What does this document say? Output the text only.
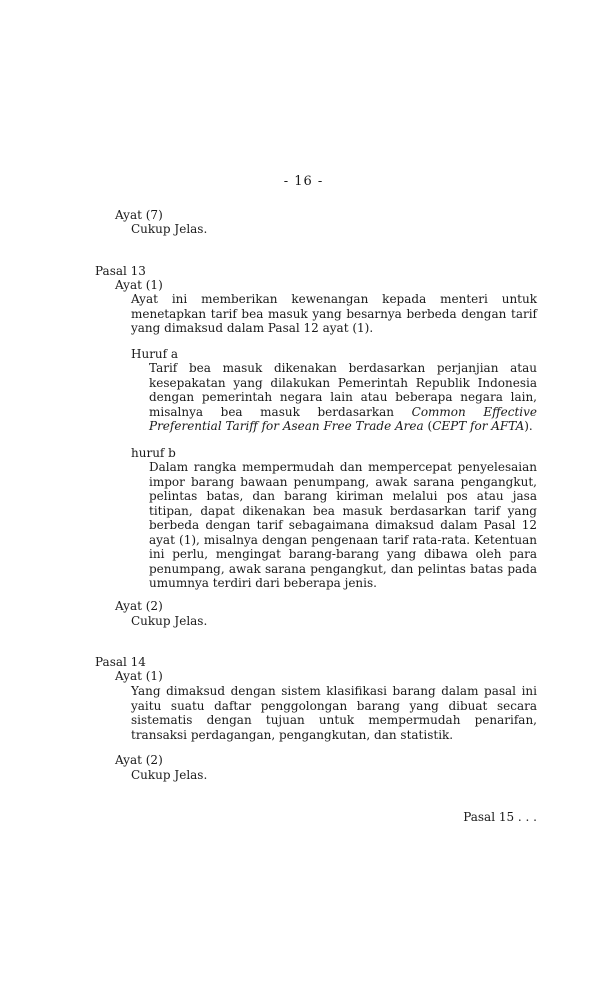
- 16 -
Ayat (7)
Cukup Jelas.
Pasal 13
Ayat (1)
Ayat ini memberikan kewenangan kepada menteri untuk menetapkan tarif bea masuk yang besarnya berbeda dengan tarif yang dimaksud dalam Pasal 12 ayat (1).
Huruf a
Tarif bea masuk dikenakan berdasarkan perjanjian atau kesepakatan yang dilakukan Pemerintah Republik Indonesia dengan pemerintah negara lain atau beberapa negara lain, misalnya bea masuk berdasarkan Common Effective Preferential Tariff for Asean Free Trade Area (CEPT for AFTA).
huruf b
Dalam rangka mempermudah dan mempercepat penyelesaian impor barang bawaan penumpang, awak sarana pengangkut, pelintas batas, dan barang kiriman melalui pos atau jasa titipan, dapat dikenakan bea masuk berdasarkan tarif yang berbeda dengan tarif sebagaimana dimaksud dalam Pasal 12 ayat (1), misalnya dengan pengenaan tarif rata-rata. Ketentuan ini perlu, mengingat barang-barang yang dibawa oleh para penumpang, awak sarana pengangkut, dan pelintas batas pada umumnya terdiri dari beberapa jenis.
Ayat (2)
Cukup Jelas.
Pasal 14
Ayat (1)
Yang dimaksud dengan sistem klasifikasi barang dalam pasal ini yaitu suatu daftar penggolongan barang yang dibuat secara sistematis dengan tujuan untuk mempermudah penarifan, transaksi perdagangan, pengangkutan, dan statistik.
Ayat (2)
Cukup Jelas.
Pasal 15 . . .
